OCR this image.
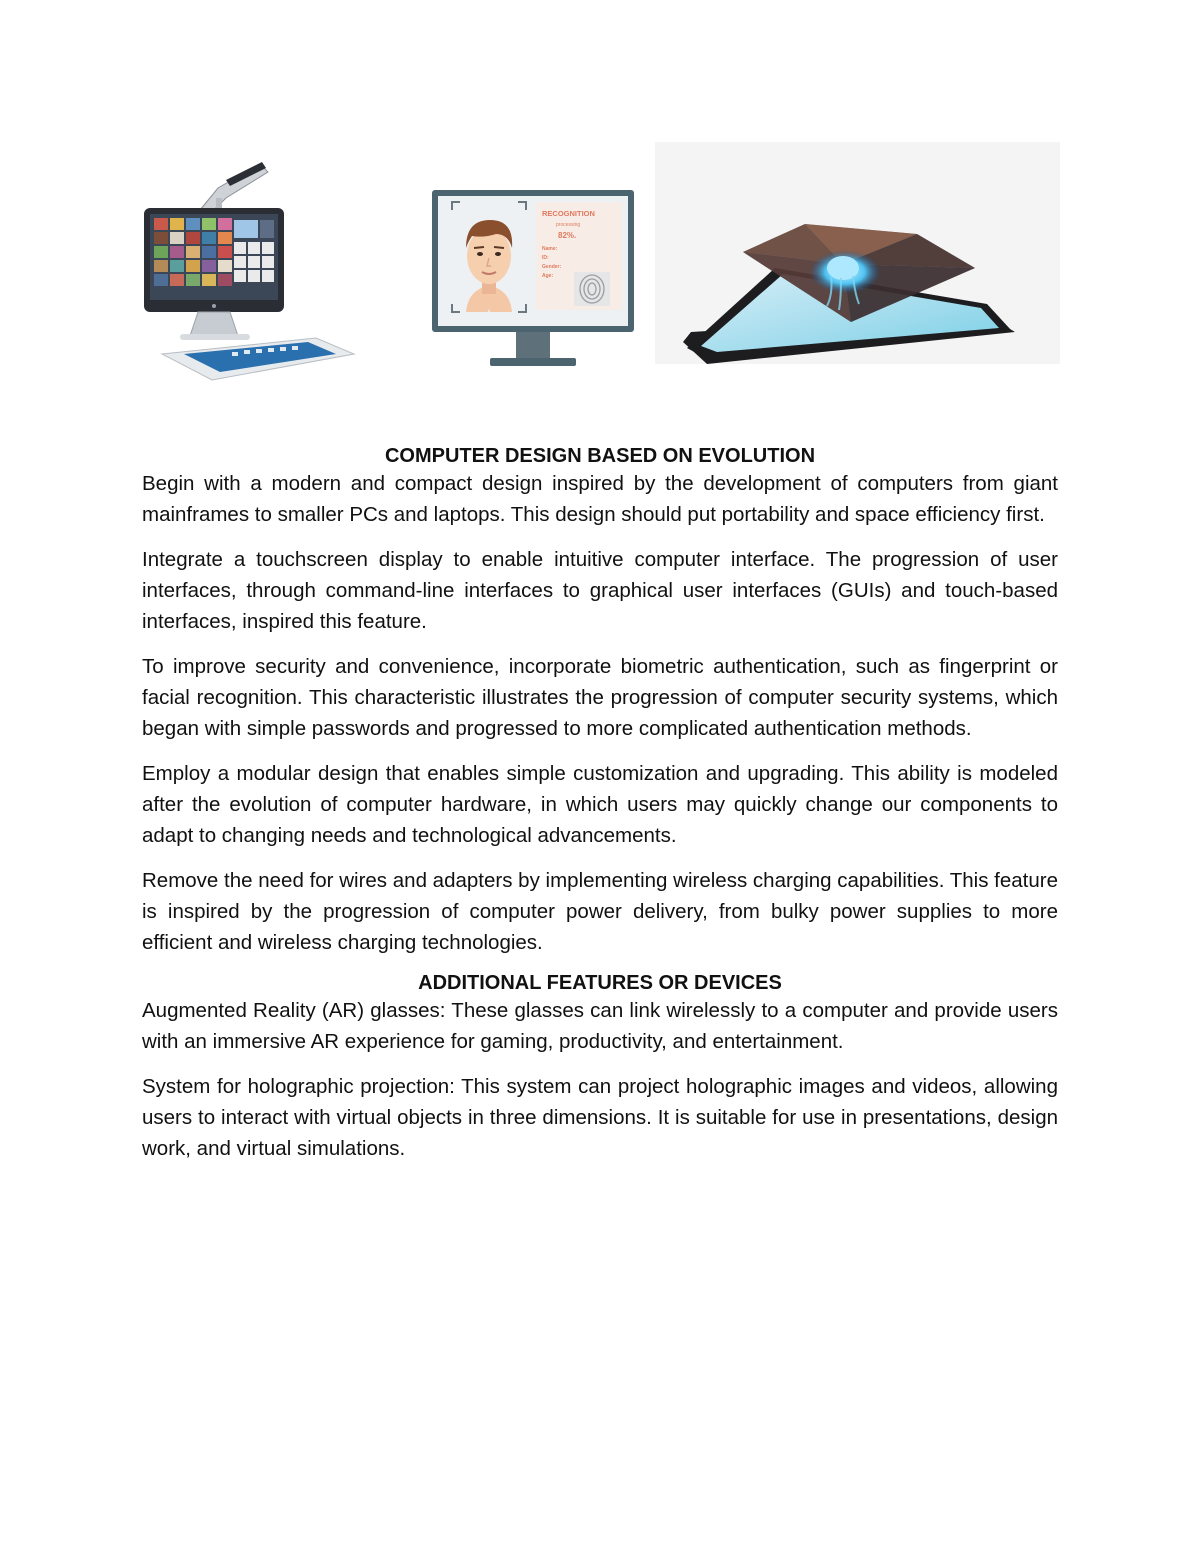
RECOGNITION
processing
82%.
Name:
ID:
Gender:
Age:
COMPUTER DESIGN BASED ON EVOLUTION

Begin with a modern and compact design inspired by the development of computers from giant mainframes to smaller PCs and laptops. This design should put portability and space efficiency first.

Integrate a touchscreen display to enable intuitive computer interface. The progression of user interfaces, through command-line interfaces to graphical user interfaces (GUIs) and touch-based interfaces, inspired this feature.

To improve security and convenience, incorporate biometric authentication, such as fingerprint or facial recognition. This characteristic illustrates the progression of computer security systems, which began with simple passwords and progressed to more complicated authentication methods.

Employ a modular design that enables simple customization and upgrading. This ability is modeled after the evolution of computer hardware, in which users may quickly change our components to adapt to changing needs and technological advancements.

Remove the need for wires and adapters by implementing wireless charging capabilities. This feature is inspired by the progression of computer power delivery, from bulky power supplies to more efficient and wireless charging technologies.

ADDITIONAL FEATURES OR DEVICES

Augmented Reality (AR) glasses: These glasses can link wirelessly to a computer and provide users with an immersive AR experience for gaming, productivity, and entertainment.

System for holographic projection: This system can project holographic images and videos, allowing users to interact with virtual objects in three dimensions. It is suitable for use in presentations, design work, and virtual simulations.
